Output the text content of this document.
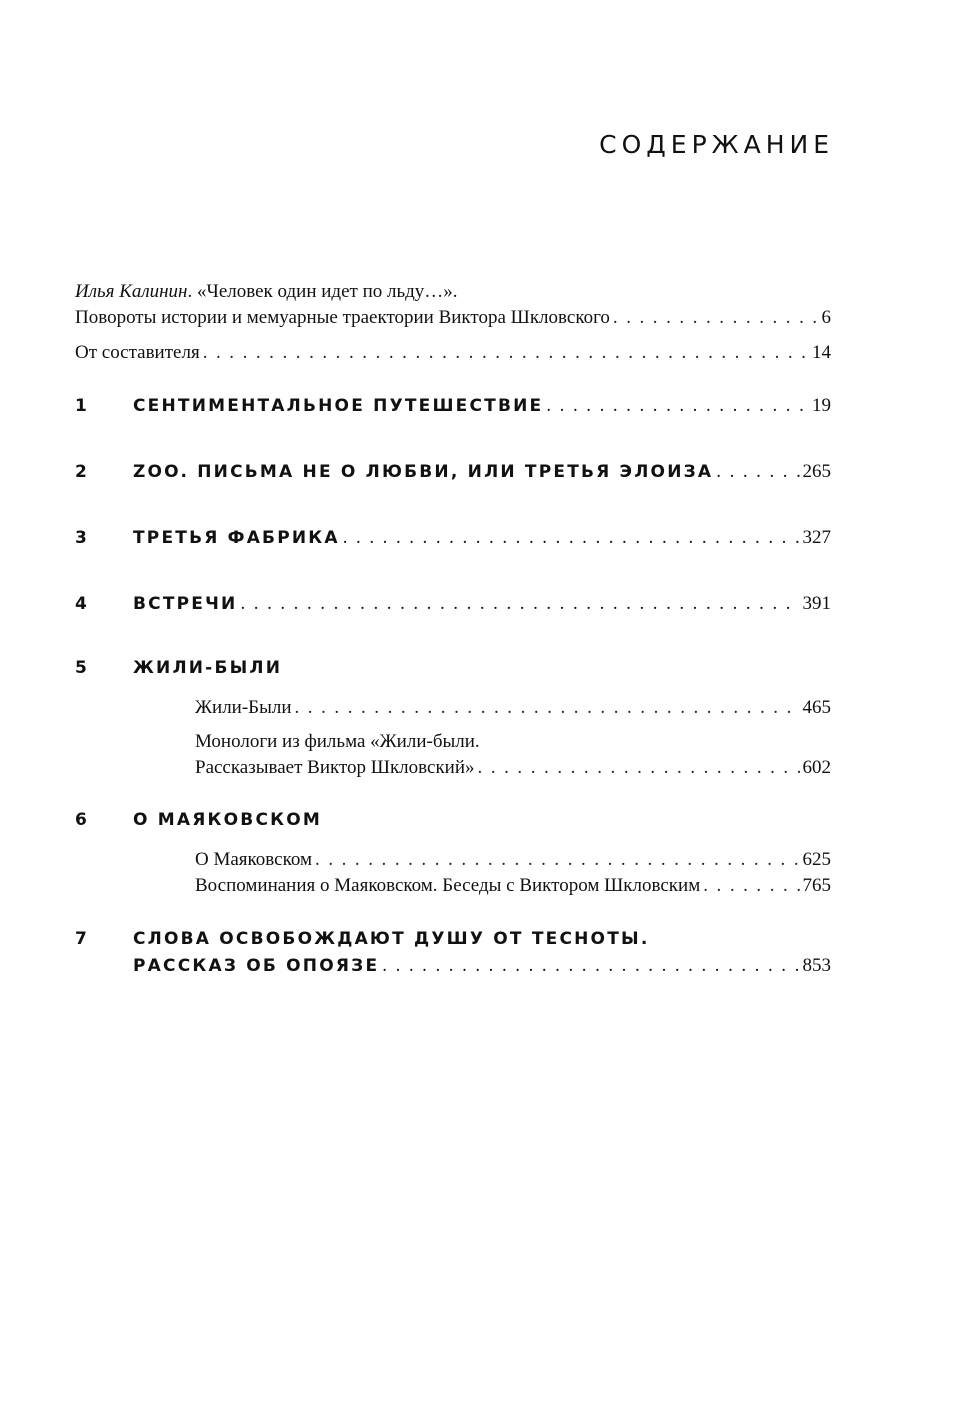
СОДЕРЖАНИЕ
Илья Калинин. «Человек один идет по льду…».
Повороты истории и мемуарные траектории Виктора Шкловского . . .	6
От составителя . . .	14
1	СЕНТИМЕНТАЛЬНОЕ ПУТЕШЕСТВИЕ . . .	19
2	ZOO. ПИСЬМА НЕ О ЛЮБВИ, ИЛИ ТРЕТЬЯ ЭЛОИЗА . . .	265
3	ТРЕТЬЯ ФАБРИКА . . .	327
4	ВСТРЕЧИ . . .	391
5	ЖИЛИ-БЫЛИ
Жили-Были . . .	465
Монологи из фильма «Жили-были.
Рассказывает Виктор Шкловский» . . .	602
6	О МАЯКОВСКОМ
О Маяковском . . .	625
Воспоминания о Маяковском. Беседы с Виктором Шкловским . . .	765
7	СЛОВА ОСВОБОЖДАЮТ ДУШУ ОТ ТЕСНОТЫ.
РАССКАЗ ОБ ОПОЯЗЕ . . .	853
